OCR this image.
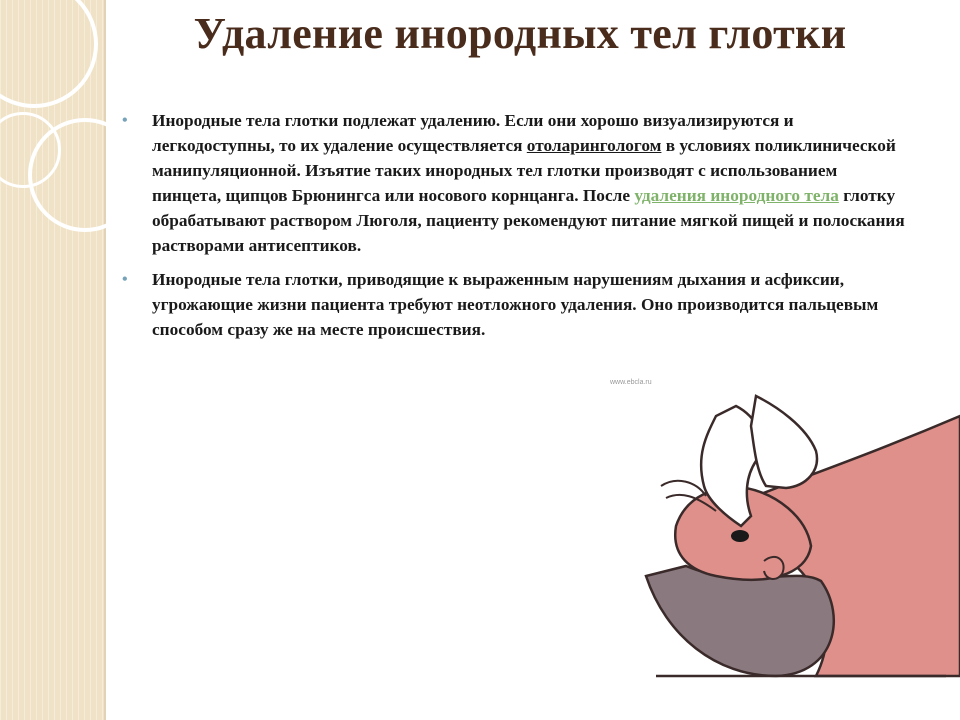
Удаление инородных тел глотки
• Инородные тела глотки подлежат удалению. Если они хорошо визуализируются и легкодоступны, то их удаление осуществляется отоларингологом в условиях поликлинической манипуляционной. Изъятие таких инородных тел глотки производят с использованием пинцета, щипцов Брюнингса или носового корнцанга. После удаления инородного тела глотку обрабатывают раствором Люголя, пациенту рекомендуют питание мягкой пищей и полоскания растворами антисептиков.
• Инородные тела глотки, приводящие к выраженным нарушениям дыхания и асфиксии, угрожающие жизни пациента требуют неотложного удаления. Оно производится пальцевым способом сразу же на месте происшествия.
www.ebcla.ru
